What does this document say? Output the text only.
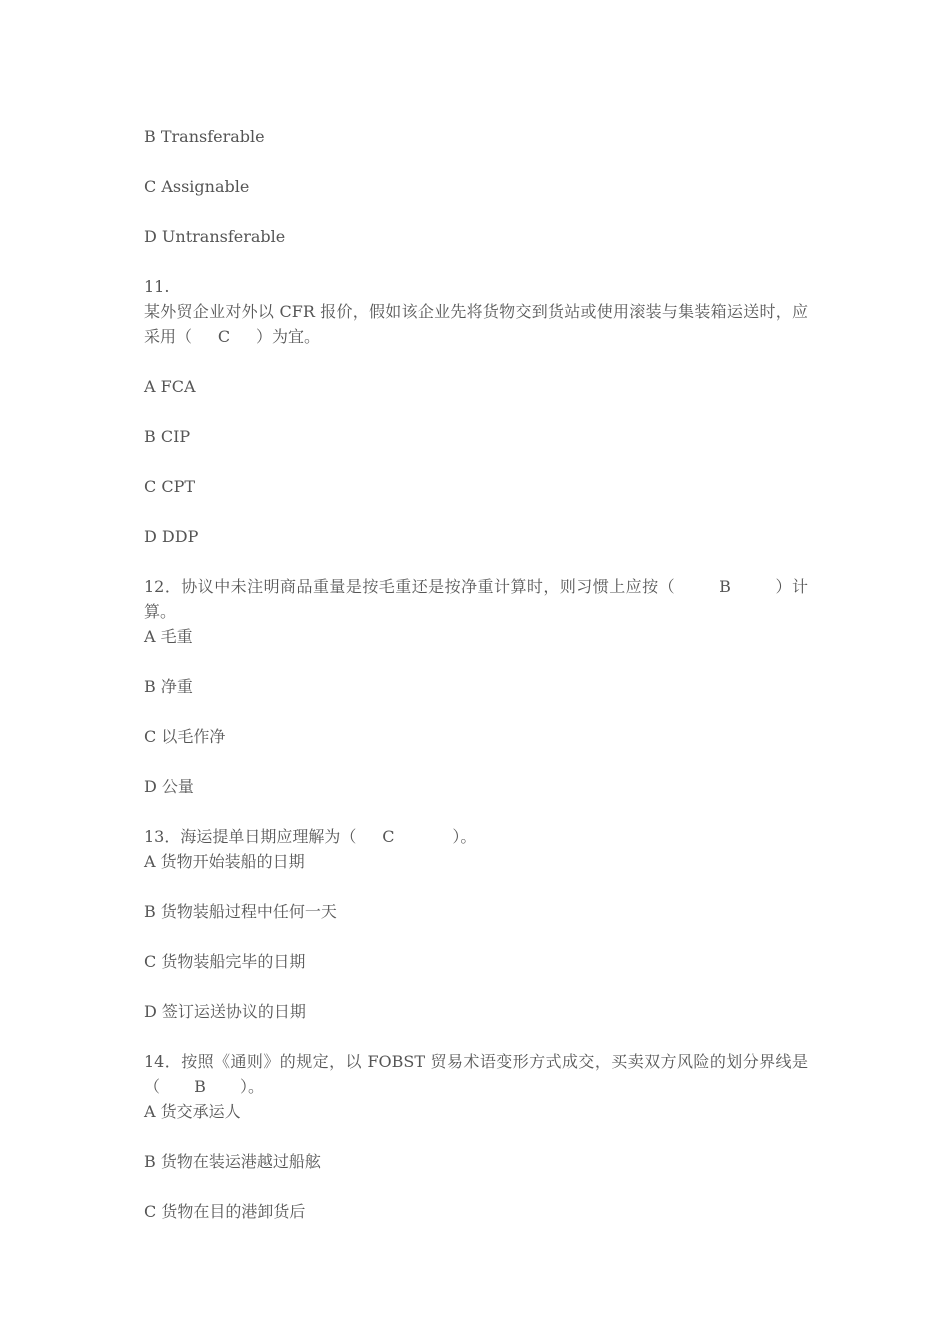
B Transferable
C Assignable
D Untransferable
11.
某外贸企业对外以 CFR 报价，假如该企业先将货物交到货站或使用滚装与集装箱运送时，应采用（ C ）为宜。
A FCA
B CIP
C CPT
D DDP
12．协议中未注明商品重量是按毛重还是按净重计算时，则习惯上应按（	B	）计算。
A 毛重
B 净重
C 以毛作净
D 公量
13．海运提单日期应理解为（ C	）。
A 货物开始装船的日期
B 货物装船过程中任何一天
C 货物装船完毕的日期
D 签订运送协议的日期
14．按照《通则》的规定，以 FOBST 贸易术语变形方式成交，买卖双方风险的划分界线是（ B ）。
A 货交承运人
B 货物在装运港越过船舷
C 货物在目的港卸货后
